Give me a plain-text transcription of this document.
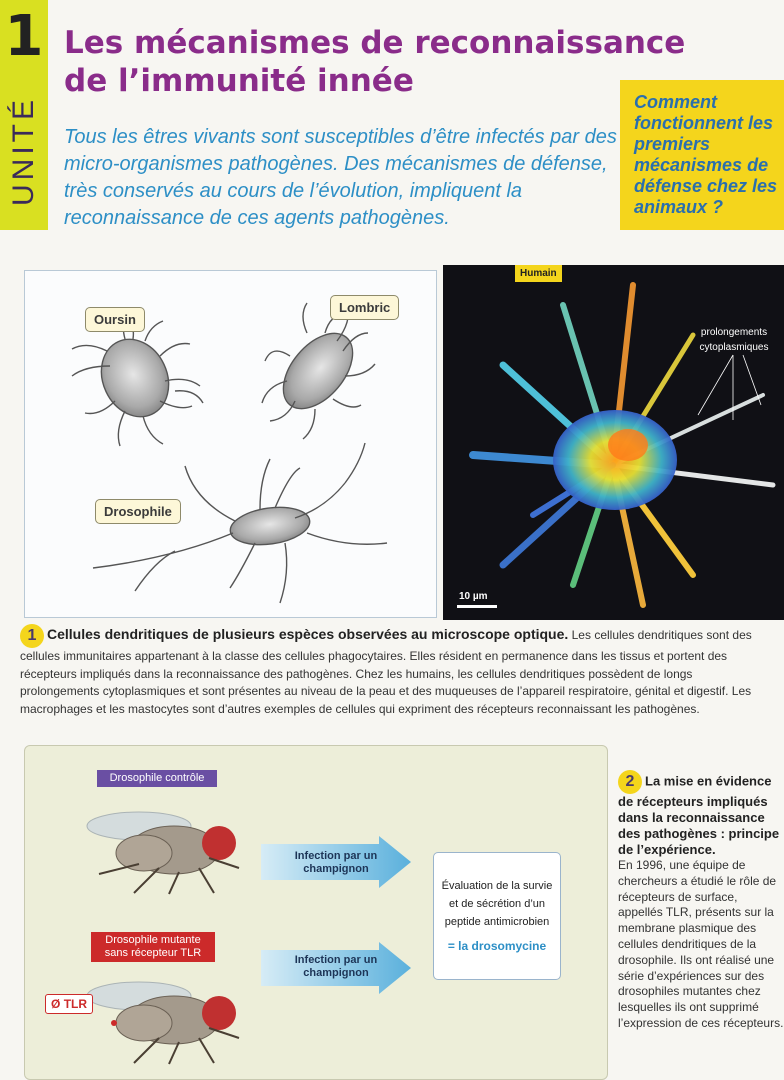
1
UNITÉ
Les mécanismes de reconnaissance
de l’immunité innée

Tous les êtres vivants sont susceptibles d’être infectés par des micro-organismes pathogènes. Des mécanismes de défense, très conservés au cours de l’évolution, impliquent la reconnaissance de ces agents pathogènes.

Comment fonctionnent les premiers mécanismes de défense chez les animaux ?
Oursin
Lombric
Drosophile
Humain
prolongements cytoplasmiques
10 µm

1 Cellules dendritiques de plusieurs espèces observées au microscope optique. Les cellules dendritiques sont des cellules immunitaires appartenant à la classe des cellules phagocytaires. Elles résident en permanence dans les tissus et portent des récepteurs impliqués dans la reconnaissance des pathogènes. Chez les humains, les cellules dendritiques possèdent de longs prolongements cytoplasmiques et sont présentes au niveau de la peau et des muqueuses de l’appareil respiratoire, génital et digestif. Les macrophages et les mastocytes sont d’autres exemples de cellules qui expriment des récepteurs reconnaissant les pathogènes.

Drosophile contrôle
Drosophile mutante sans récepteur TLR
Ø TLR
Infection par un champignon
Infection par un champignon
Évaluation de la survie et de sécrétion d’un peptide antimicrobien
= la drosomycine
2 La mise en évidence de récepteurs impliqués dans la reconnaissance des pathogènes : principe de l’expérience.
En 1996, une équipe de chercheurs a étudié le rôle de récepteurs de surface, appellés TLR, présents sur la membrane plasmique des cellules dendritiques de la drosophile. Ils ont réalisé une série d’expériences sur des drosophiles mutantes chez lesquelles ils ont supprimé l’expression de ces récepteurs.
